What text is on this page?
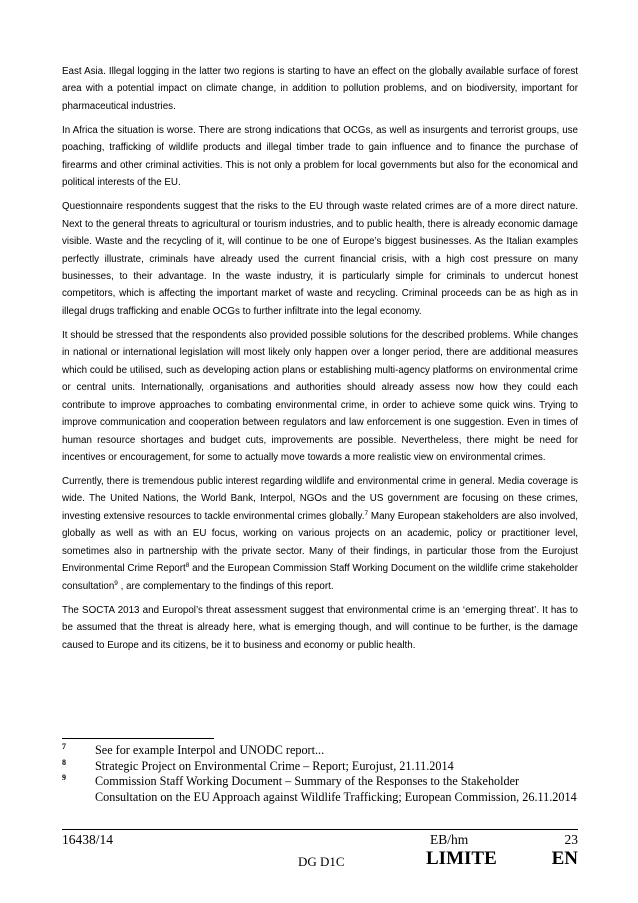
East Asia. Illegal logging in the latter two regions is starting to have an effect on the globally available surface of forest area with a potential impact on climate change, in addition to pollution problems, and on biodiversity, important for pharmaceutical industries.

In Africa the situation is worse. There are strong indications that OCGs, as well as insurgents and terrorist groups, use poaching, trafficking of wildlife products and illegal timber trade to gain influence and to finance the purchase of firearms and other criminal activities. This is not only a problem for local governments but also for the economical and political interests of the EU.

Questionnaire respondents suggest that the risks to the EU through waste related crimes are of a more direct nature. Next to the general threats to agricultural or tourism industries, and to public health, there is already economic damage visible. Waste and the recycling of it, will continue to be one of Europe’s biggest businesses. As the Italian examples perfectly illustrate, criminals have already used the current financial crisis, with a high cost pressure on many businesses, to their advantage. In the waste industry, it is particularly simple for criminals to undercut honest competitors, which is affecting the important market of waste and recycling. Criminal proceeds can be as high as in illegal drugs trafficking and enable OCGs to further infiltrate into the legal economy.

It should be stressed that the respondents also provided possible solutions for the described problems. While changes in national or international legislation will most likely only happen over a longer period, there are additional measures which could be utilised, such as developing action plans or establishing multi-agency platforms on environmental crime or central units. Internationally, organisations and authorities should already assess now how they could each contribute to improve approaches to combating environmental crime, in order to achieve some quick wins. Trying to improve communication and cooperation between regulators and law enforcement is one suggestion. Even in times of human resource shortages and budget cuts, improvements are possible. Nevertheless, there might be need for incentives or encouragement, for some to actually move towards a more realistic view on environmental crimes.

Currently, there is tremendous public interest regarding wildlife and environmental crime in general. Media coverage is wide. The United Nations, the World Bank, Interpol, NGOs and the US government are focusing on these crimes, investing extensive resources to tackle environmental crimes globally.$^7$ Many European stakeholders are also involved, globally as well as with an EU focus, working on various projects on an academic, policy or practitioner level, sometimes also in partnership with the private sector. Many of their findings, in particular those from the Eurojust Environmental Crime Report$^8$ and the European Commission Staff Working Document on the wildlife crime stakeholder consultation$^9$ , are complementary to the findings of this report.

The SOCTA 2013 and Europol’s threat assessment suggest that environmental crime is an ‘emerging threat’. It has to be assumed that the threat is already here, what is emerging though, and will continue to be further, is the damage caused to Europe and its citizens, be it to business and economy or public health.

7	See for example Interpol and UNODC report...
8	Strategic Project on Environmental Crime – Report; Eurojust, 21.11.2014
9	Commission Staff Working Document – Summary of the Responses to the Stakeholder Consultation on the EU Approach against Wildlife Trafficking; European Commission, 26.11.2014
16438/14	EB/hm	23
DG D1C	LIMITE	EN
